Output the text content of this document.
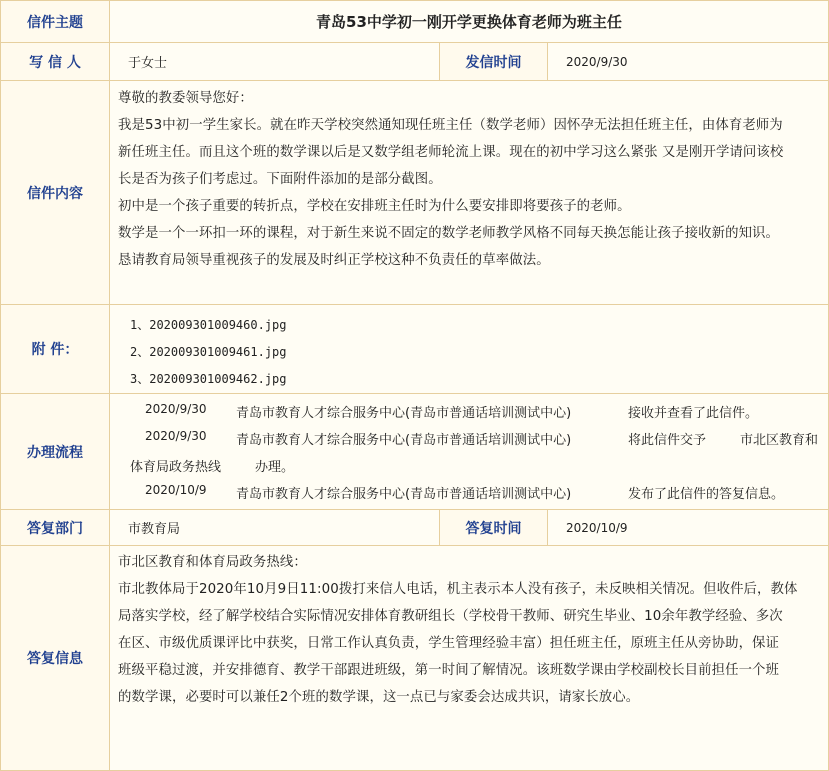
信件主题	青岛53中学初一刚开学更换体育老师为班主任
写 信 人	于女士	发信时间	2020/9/30
信件内容
尊敬的教委领导您好：
我是53中初一学生家长。就在昨天学校突然通知现任班主任（数学老师）因怀孕无法担任班主任，由体育老师为
新任班主任。而且这个班的数学课以后是又数学组老师轮流上课。现在的初中学习这么紧张 又是刚开学请问该校
长是否为孩子们考虑过。下面附件添加的是部分截图。
初中是一个孩子重要的转折点，学校在安排班主任时为什么要安排即将要孩子的老师。
数学是一个一环扣一环的课程，对于新生来说不固定的数学老师教学风格不同每天换怎能让孩子接收新的知识。
恳请教育局领导重视孩子的发展及时纠正学校这种不负责任的草率做法。
附 件：
1、202009301009460.jpg
2、202009301009461.jpg
3、202009301009462.jpg
办理流程
2020/9/30 青岛市教育人才综合服务中心(青岛市普通话培训测试中心)	接收并查看了此信件。
2020/9/30 青岛市教育人才综合服务中心(青岛市普通话培训测试中心)	将此信件交予	市北区教育和
体育局政务热线	办理。
2020/10/9 青岛市教育人才综合服务中心(青岛市普通话培训测试中心)	发布了此信件的答复信息。
答复部门	市教育局	答复时间	2020/10/9
答复信息
市北区教育和体育局政务热线：
市北教体局于2020年10月9日11:00拨打来信人电话，机主表示本人没有孩子，未反映相关情况。但收件后，教体
局落实学校，经了解学校结合实际情况安排体育教研组长（学校骨干教师、研究生毕业、10余年教学经验、多次
在区、市级优质课评比中获奖，日常工作认真负责，学生管理经验丰富）担任班主任，原班主任从旁协助，保证
班级平稳过渡，并安排德育、教学干部跟进班级，第一时间了解情况。该班数学课由学校副校长目前担任一个班
的数学课，必要时可以兼任2个班的数学课，这一点已与家委会达成共识，请家长放心。
